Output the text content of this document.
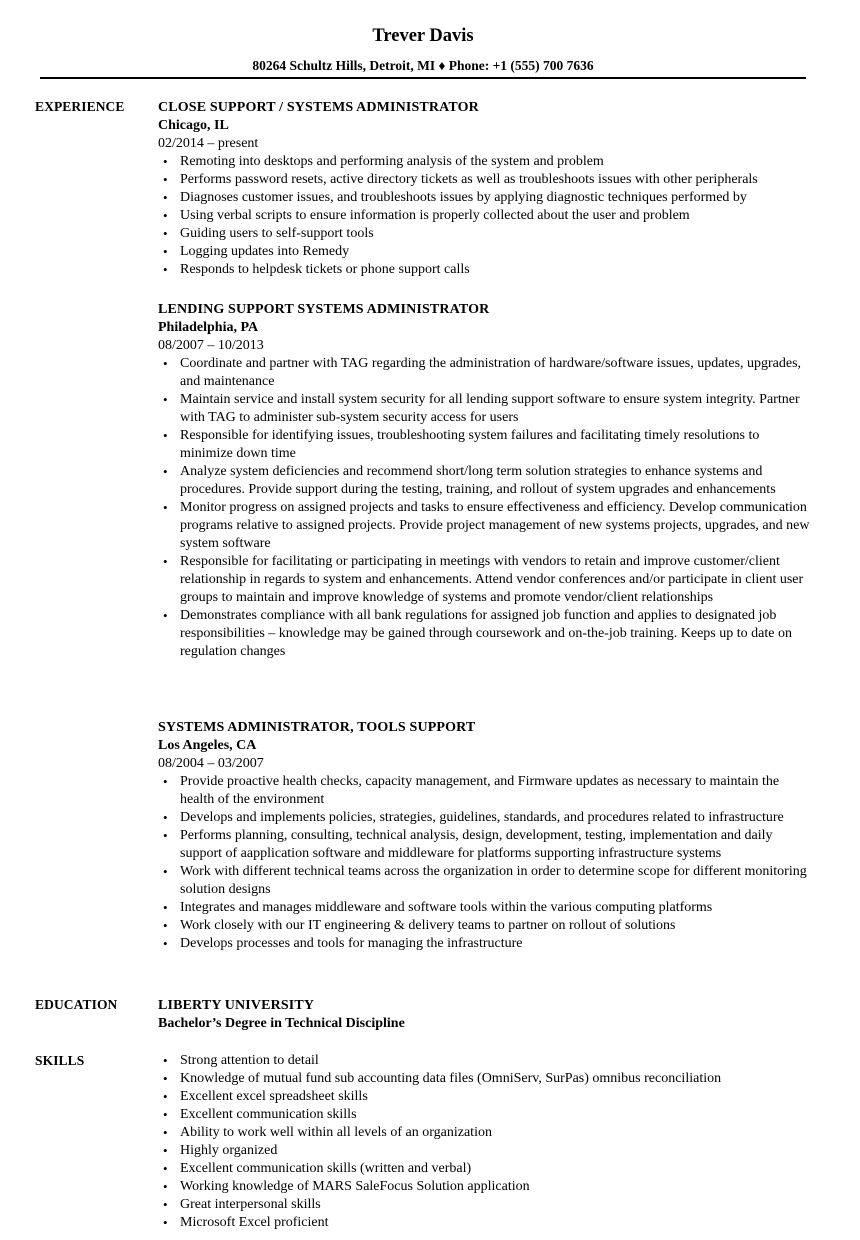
Trever Davis
80264 Schultz Hills, Detroit, MI ♦ Phone: +1 (555) 700 7636
EXPERIENCE CLOSE SUPPORT / SYSTEMS ADMINISTRATOR
Chicago, IL
02/2014 – present
• Remoting into desktops and performing analysis of the system and problem
• Performs password resets, active directory tickets as well as troubleshoots issues with other peripherals
• Diagnoses customer issues, and troubleshoots issues by applying diagnostic techniques performed by
• Using verbal scripts to ensure information is properly collected about the user and problem
• Guiding users to self-support tools
• Logging updates into Remedy
• Responds to helpdesk tickets or phone support calls
LENDING SUPPORT SYSTEMS ADMINISTRATOR
Philadelphia, PA
08/2007 – 10/2013
• Coordinate and partner with TAG regarding the administration of hardware/software issues, updates, upgrades, and maintenance
• Maintain service and install system security for all lending support software to ensure system integrity. Partner with TAG to administer sub-system security access for users
• Responsible for identifying issues, troubleshooting system failures and facilitating timely resolutions to minimize down time
• Analyze system deficiencies and recommend short/long term solution strategies to enhance systems and procedures. Provide support during the testing, training, and rollout of system upgrades and enhancements
• Monitor progress on assigned projects and tasks to ensure effectiveness and efficiency. Develop communication programs relative to assigned projects. Provide project management of new systems projects, upgrades, and new system software
• Responsible for facilitating or participating in meetings with vendors to retain and improve customer/client relationship in regards to system and enhancements. Attend vendor conferences and/or participate in client user groups to maintain and improve knowledge of systems and promote vendor/client relationships
• Demonstrates compliance with all bank regulations for assigned job function and applies to designated job responsibilities – knowledge may be gained through coursework and on-the-job training. Keeps up to date on regulation changes
SYSTEMS ADMINISTRATOR, TOOLS SUPPORT
Los Angeles, CA
08/2004 – 03/2007
• Provide proactive health checks, capacity management, and Firmware updates as necessary to maintain the health of the environment
• Develops and implements policies, strategies, guidelines, standards, and procedures related to infrastructure
• Performs planning, consulting, technical analysis, design, development, testing, implementation and daily support of aapplication software and middleware for platforms supporting infrastructure systems
• Work with different technical teams across the organization in order to determine scope for different monitoring solution designs
• Integrates and manages middleware and software tools within the various computing platforms
• Work closely with our IT engineering & delivery teams to partner on rollout of solutions
• Develops processes and tools for managing the infrastructure
EDUCATION	LIBERTY UNIVERSITY
Bachelor’s Degree in Technical Discipline
SKILLS
•	Strong attention to detail
• Knowledge of mutual fund sub accounting data files (OmniServ, SurPas) omnibus reconciliation
• Excellent excel spreadsheet skills
• Excellent communication skills
• Ability to work well within all levels of an organization
• Highly organized
• Excellent communication skills (written and verbal)
• Working knowledge of MARS SaleFocus Solution application
• Great interpersonal skills
• Microsoft Excel proficient
